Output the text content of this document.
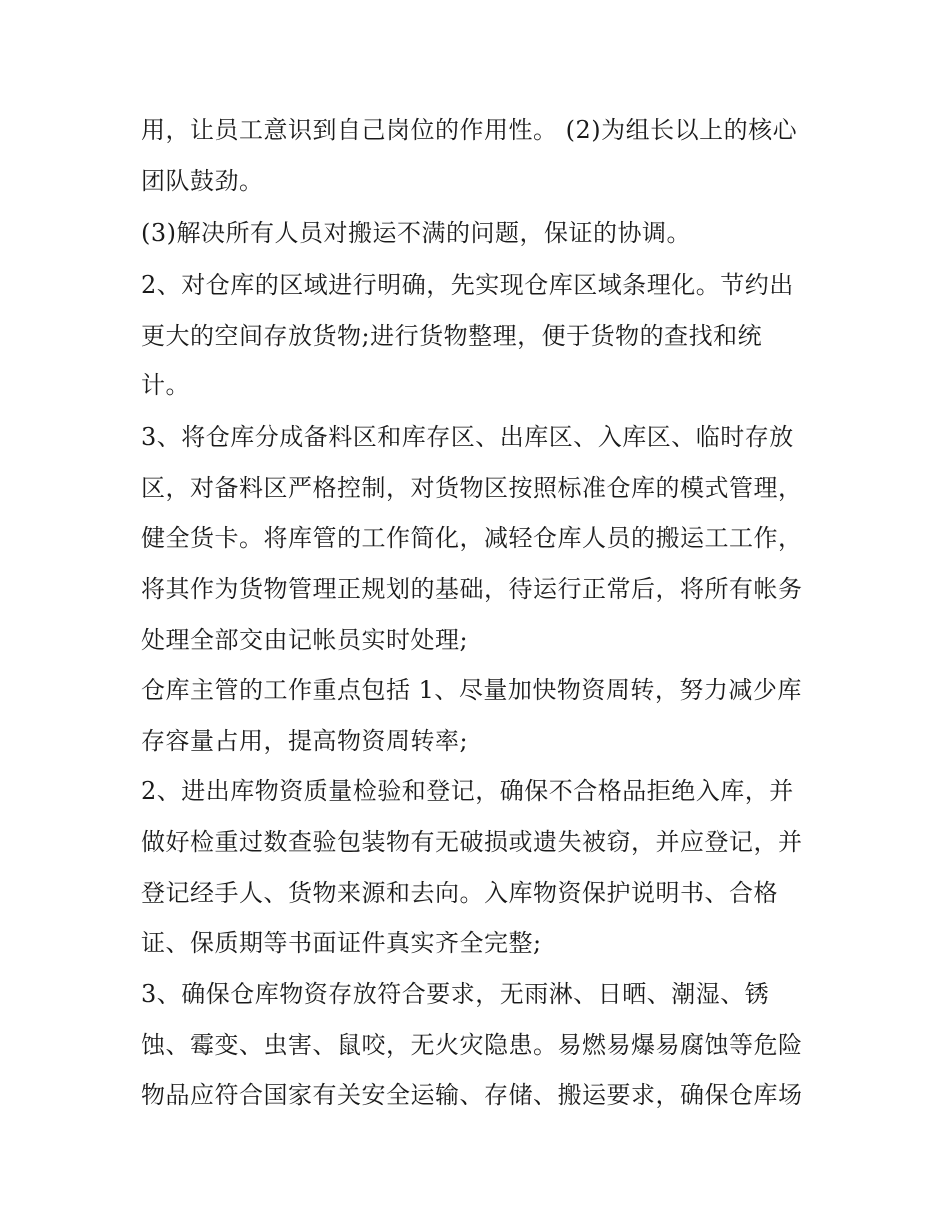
用，让员工意识到自己岗位的作用性。 (2)为组长以上的核心
团队鼓劲。
(3)解决所有人员对搬运不满的问题，保证的协调。
2、对仓库的区域进行明确，先实现仓库区域条理化。节约出
更大的空间存放货物;进行货物整理，便于货物的查找和统
计。
3、将仓库分成备料区和库存区、出库区、入库区、临时存放
区，对备料区严格控制，对货物区按照标准仓库的模式管理，
健全货卡。将库管的工作简化，减轻仓库人员的搬运工工作，
将其作为货物管理正规划的基础，待运行正常后，将所有帐务
处理全部交由记帐员实时处理;
仓库主管的工作重点包括 1、尽量加快物资周转，努力减少库
存容量占用，提高物资周转率;
2、进出库物资质量检验和登记，确保不合格品拒绝入库，并
做好检重过数查验包装物有无破损或遗失被窃，并应登记，并
登记经手人、货物来源和去向。入库物资保护说明书、合格
证、保质期等书面证件真实齐全完整;
3、确保仓库物资存放符合要求，无雨淋、日晒、潮湿、锈
蚀、霉变、虫害、鼠咬，无火灾隐患。易燃易爆易腐蚀等危险
物品应符合国家有关安全运输、存储、搬运要求，确保仓库场
